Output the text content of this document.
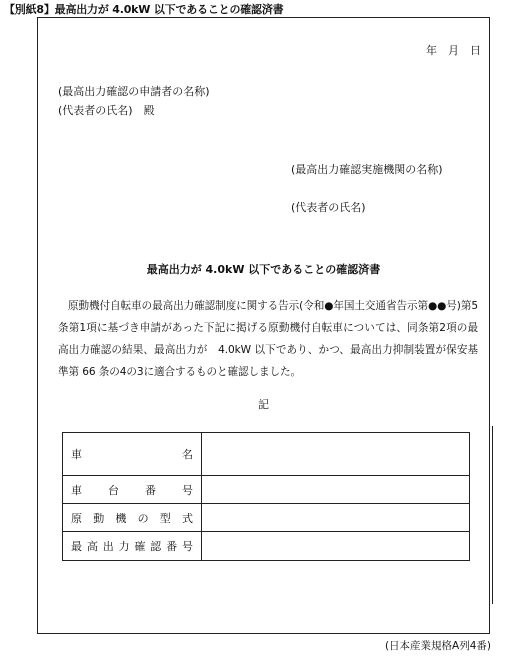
【別紙8】最高出力が 4.0kW 以下であることの確認済書
年　月　日
(最高出力確認の申請者の名称)
(代表者の氏名)　殿
(最高出力確認実施機関の名称)
(代表者の氏名)
最高出力が 4.0kW 以下であることの確認済書

原動機付自転車の最高出力確認制度に関する告示(令和●年国土交通省告示第●●号)第5条第1項に基づき申請があった下記に掲げる原動機付自転車については、同条第2項の最高出力確認の結果、最高出力が　4.0kW 以下であり、かつ、最高出力抑制装置が保安基準第 66 条の4の3に適合するものと確認しました。

記
車 名	

車台番号	
原動機の型式	
最高出力確認番号	
(日本産業規格A列4番)
